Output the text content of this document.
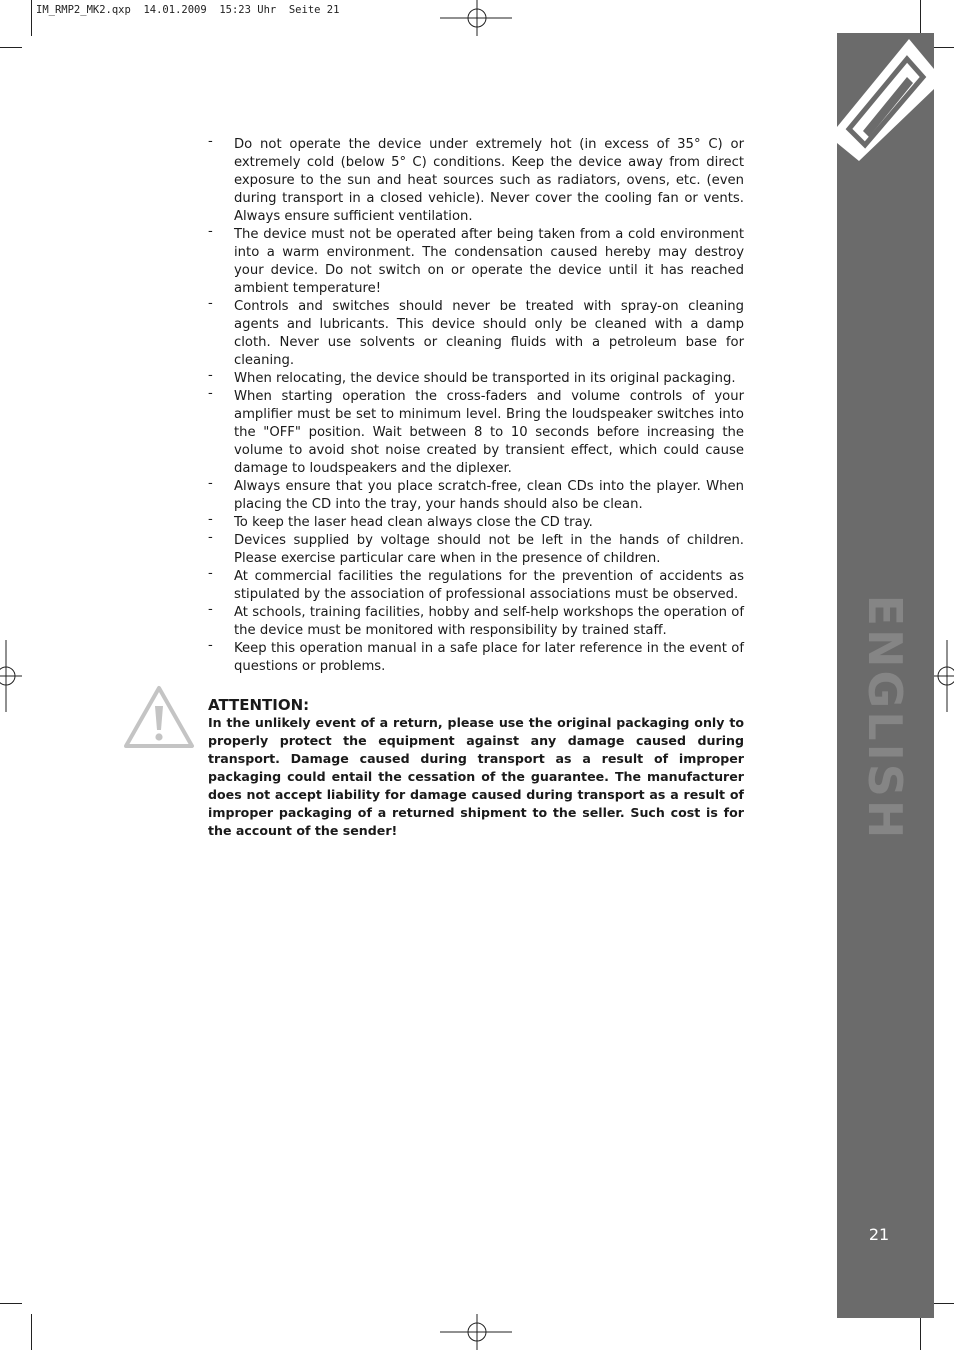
IM_RMP2_MK2.qxp  14.01.2009  15:23 Uhr  Seite 21
ENGLISH
21
- Do not operate the device under extremely hot (in excess of 35° C) or extremely cold (below 5° C) conditions. Keep the device away from direct exposure to the sun and heat sources such as radiators, ovens, etc. (even during transport in a closed vehicle). Never cover the cooling fan or vents. Always ensure sufficient ventilation.
- The device must not be operated after being taken from a cold environment into a warm environment. The condensation caused hereby may destroy your device. Do not switch on or operate the device until it has reached ambient temperature!
- Controls and switches should never be treated with spray-on cleaning agents and lubricants. This device should only be cleaned with a damp cloth. Never use solvents or cleaning fluids with a petroleum base for cleaning.
- When relocating, the device should be transported in its original packaging.
- When starting operation the cross-faders and volume controls of your amplifier must be set to minimum level. Bring the loudspeaker switches into the "OFF" position. Wait between 8 to 10 seconds before increasing the volume to avoid shot noise created by transient effect, which could cause damage to loudspeakers and the diplexer.
- Always ensure that you place scratch-free, clean CDs into the player. When placing the CD into the tray, your hands should also be clean.
- To keep the laser head clean always close the CD tray.
- Devices supplied by voltage should not be left in the hands of children. Please exercise particular care when in the presence of children.
- At commercial facilities the regulations for the prevention of accidents as stipulated by the association of professional associations must be observed.
- At schools, training facilities, hobby and self-help workshops the operation of the device must be monitored with responsibility by trained staff.
- Keep this operation manual in a safe place for later reference in the event of questions or problems.
ATTENTION:
In the unlikely event of a return, please use the original packaging only to properly protect the equipment against any damage caused during transport. Damage caused during transport as a result of improper packaging could entail the cessation of the guarantee. The manufacturer does not accept liability for damage caused during transport as a result of improper packaging of a returned shipment to the seller. Such cost is for the account of the sender!
